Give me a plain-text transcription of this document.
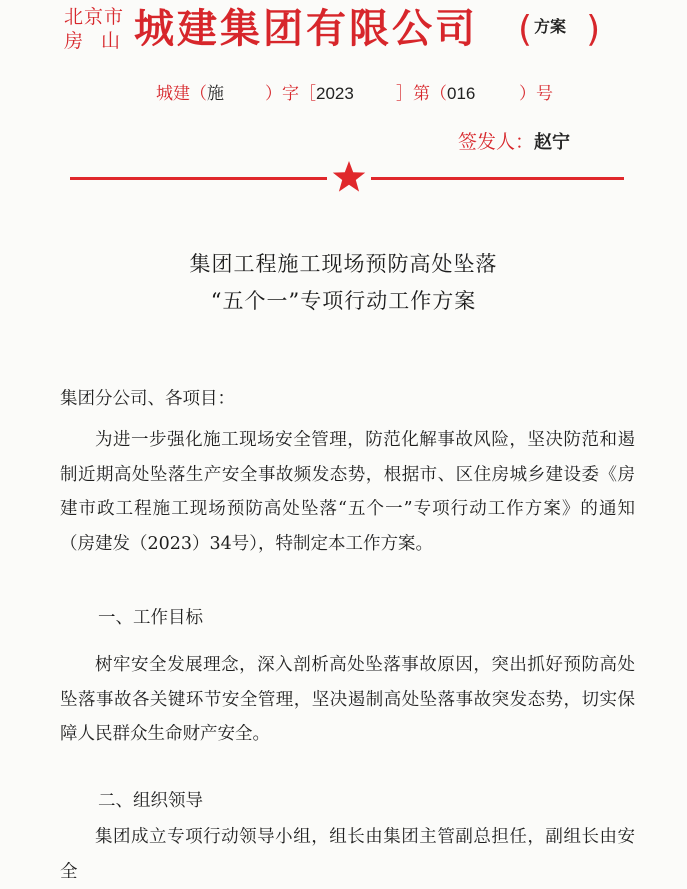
北京市
房 山 城建集团有限公司 ( 方案 )
城建（施 ）字［2023 ］第（016	）号
签发人：赵宁
集团工程施工现场预防高处坠落
“五个一”专项行动工作方案
集团分公司、各项目：
为进一步强化施工现场安全管理，防范化解事故风险，坚决防范和遏制近期高处坠落生产安全事故频发态势，根据市、区住房城乡建设委《房建市政工程施工现场预防高处坠落“五个一”专项行动工作方案》的通知（房建发（2023）34号），特制定本工作方案。
一、工作目标
树牢安全发展理念，深入剖析高处坠落事故原因，突出抓好预防高处坠落事故各关键环节安全管理，坚决遏制高处坠落事故突发态势，切实保障人民群众生命财产安全。
二、组织领导
集团成立专项行动领导小组，组长由集团主管副总担任，副组长由安全
